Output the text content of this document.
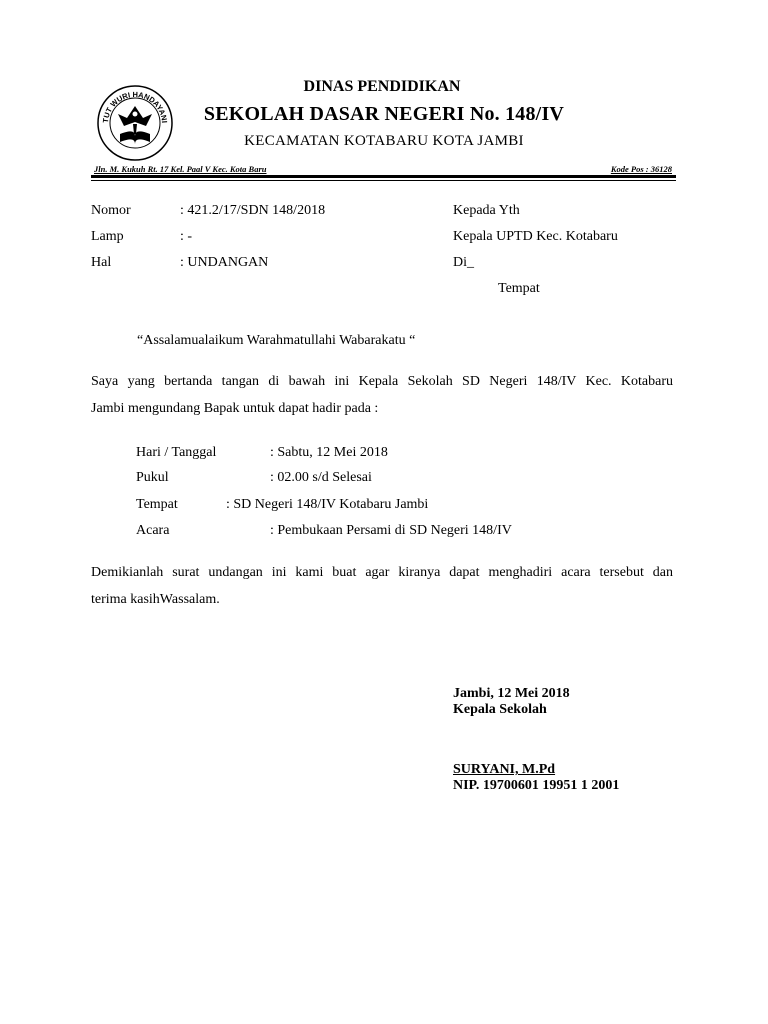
TUT WURI HANDAYANI
DINAS PENDIDIKAN
SEKOLAH DASAR NEGERI No. 148/IV
KECAMATAN KOTABARU KOTA JAMBI
Jln. M. Kukuh Rt. 17 Kel. Paal V Kec. Kota Baru	Kode Pos : 36128
Nomor	: 421.2/17/SDN 148/2018
Lamp	: -
Hal	: UNDANGAN
Kepada Yth
Kepala UPTD Kec. Kotabaru
Di_
Tempat
“Assalamualaikum Warahmatullahi Wabarakatu “
Saya yang bertanda tangan di bawah ini Kepala Sekolah SD Negeri 148/IV Kec. Kotabaru
Jambi mengundang Bapak untuk dapat hadir pada :
Hari / Tanggal	: Sabtu, 12 Mei 2018
Pukul	: 02.00 s/d Selesai
Tempat	: SD Negeri 148/IV Kotabaru Jambi
Acara	: Pembukaan Persami di SD Negeri 148/IV
Demikianlah surat undangan ini kami buat agar kiranya dapat menghadiri acara tersebut dan
terima kasihWassalam.
Jambi, 12 Mei 2018
Kepala Sekolah
SURYANI, M.Pd
NIP. 19700601 19951 1 2001
